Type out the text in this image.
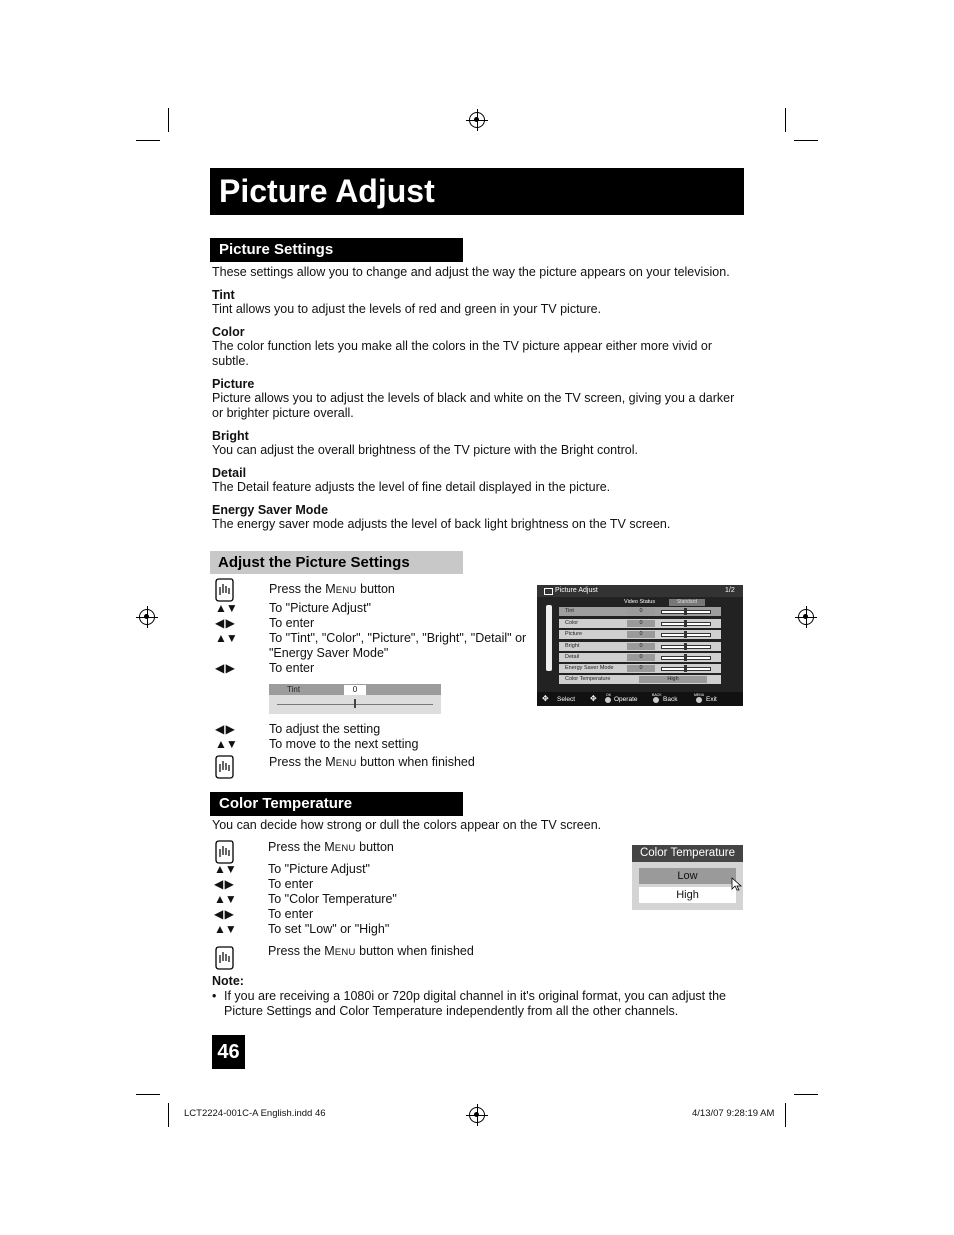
Picture Adjust
Picture Settings
These settings allow you to change and adjust the way the picture appears on your television.
Tint
Tint allows you to adjust the levels of red and green in your TV picture.
Color
The color function lets you make all the colors in the TV picture appear either more vivid or
subtle.
Picture
Picture allows you to adjust the levels of black and white on the TV screen, giving you a darker
or brighter picture overall.
Bright
You can adjust the overall brightness of the TV picture with the Bright control.
Detail
The Detail feature adjusts the level of fine detail displayed in the picture.
Energy Saver Mode
The energy saver mode adjusts the level of back light brightness on the TV screen.
Adjust the Picture Settings
Press the MENU button
▲▼	To "Picture Adjust"
◀ ▶	To enter
▲▼	To "Tint", "Color", "Picture", "Bright", "Detail" or
"Energy Saver Mode"
◀ ▶	To enter
Tint	0
◀ ▶	To adjust the setting
▲▼	To move to the next setting
Press the MENU button when finished
Picture Adjust	1/2
Video Status	Standard
Tint	0
Color	0
Picture	0
Bright	0
Detail	0
Energy Saver Mode	0
Color Temperature	High
✥ Select ✥	OK
Operate
BACK
Back
MENU
Exit
Color Temperature
You can decide how strong or dull the colors appear on the TV screen.
Press the MENU button
▲▼	To "Picture Adjust"
◀ ▶	To enter
▲▼	To "Color Temperature"
◀ ▶	To enter
▲▼	To set "Low" or "High"
Press the MENU button when finished
Color Temperature
Low
High
Note:
• If you are receiving a 1080i or 720p digital channel in it's original format, you can adjust the
Picture Settings and Color Temperature independently from all the other channels.
46
LCT2224-001C-A English.indd 46	4/13/07 9:28:19 AM
